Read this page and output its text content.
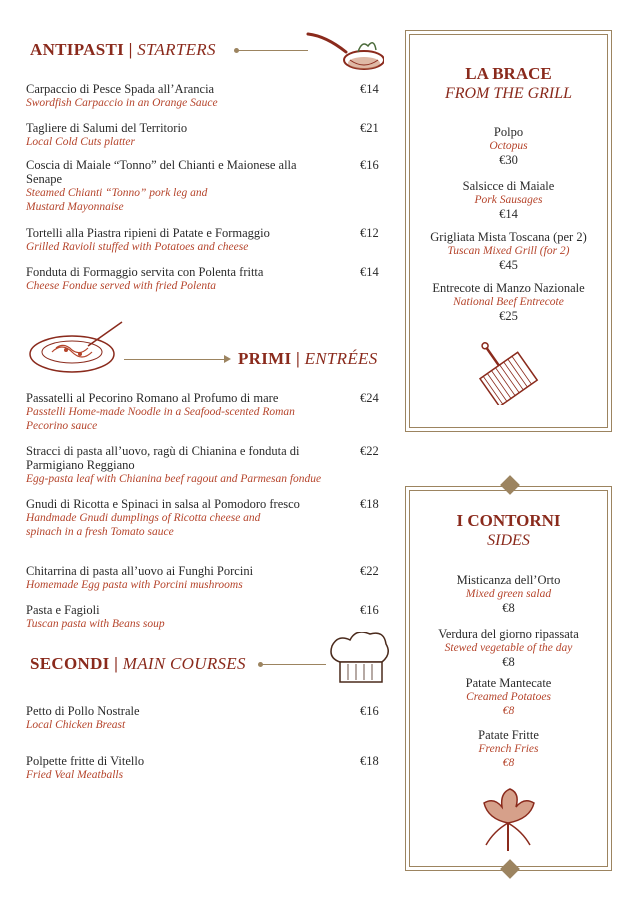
ANTIPASTI | STARTERS
Carpaccio di Pesce Spada all’Arancia
Swordfish Carpaccio in an Orange Sauce
€14
Tagliere di Salumi del Territorio
Local Cold Cuts platter
€21
Coscia di Maiale “Tonno” del Chianti e Maionese alla Senape
Steamed Chianti “Tonno” pork leg and Mustard Mayonnaise
€16
Tortelli alla Piastra ripieni di Patate e Formaggio
Grilled Ravioli stuffed with Potatoes and cheese
€12
Fonduta di Formaggio servita con Polenta fritta
Cheese Fondue served with fried Polenta
€14
PRIMI | ENTRÉES
Passatelli al Pecorino Romano al Profumo di mare
Passtelli Home-made Noodle in a Seafood-scented Roman Pecorino sauce
€24
Stracci di pasta all’uovo, ragù di Chianina e fonduta di Parmigiano Reggiano
Egg-pasta leaf with Chianina beef ragout and Parmesan fondue
€22
Gnudi di Ricotta e Spinaci in salsa al Pomodoro fresco
Handmade Gnudi dumplings of Ricotta cheese and spinach in a fresh Tomato sauce
€18
Chitarrina di pasta all’uovo ai Funghi Porcini
Homemade Egg pasta with Porcini mushrooms
€22
Pasta e Fagioli
Tuscan pasta with Beans soup
€16
SECONDI | MAIN COURSES
Petto di Pollo Nostrale
Local Chicken Breast
€16
Polpette fritte di Vitello
Fried Veal Meatballs
€18
LA BRACE
FROM THE GRILL
Polpo
Octopus
€30
Salsicce di Maiale
Pork Sausages
€14
Grigliata Mista Toscana (per 2)
Tuscan Mixed Grill (for 2)
€45
Entrecote di Manzo Nazionale
National Beef Entrecote
€25
I CONTORNI
SIDES
Misticanza dell’Orto
Mixed green salad
€8
Verdura del giorno ripassata
Stewed vegetable of the day
€8
Patate Mantecate
Creamed Potatoes
€8
Patate Fritte
French Fries
€8
